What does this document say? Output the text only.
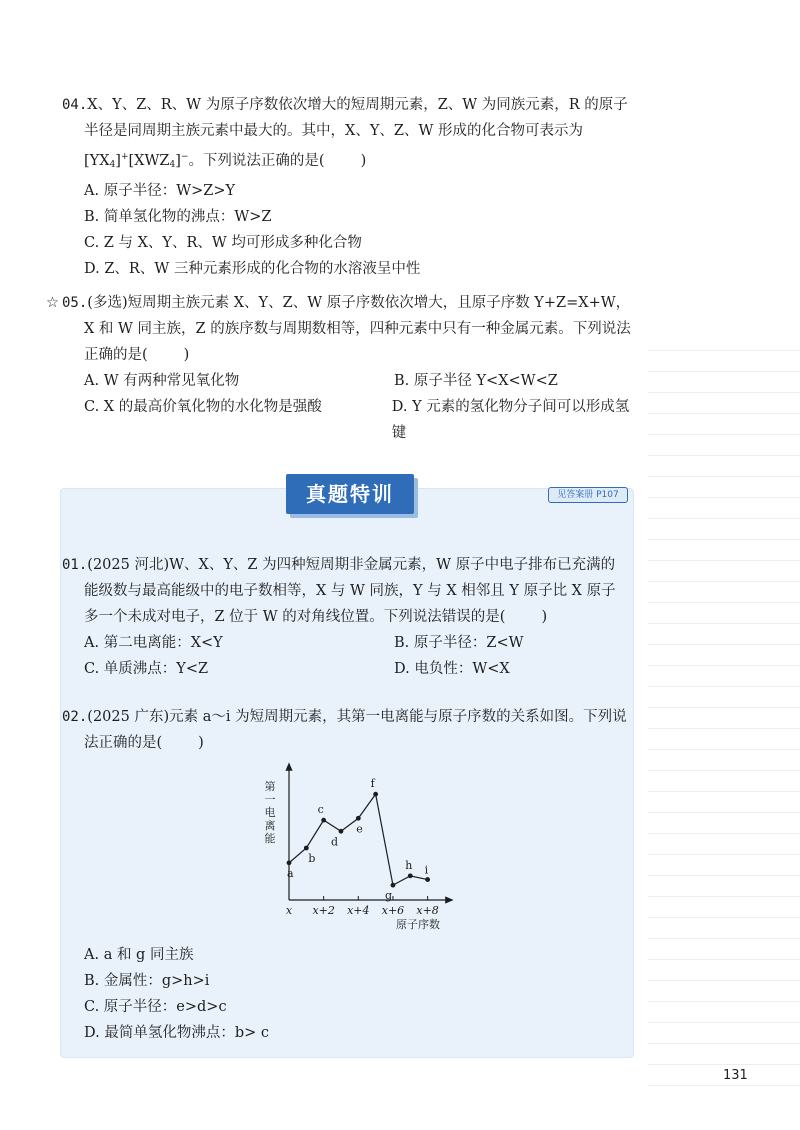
04.X、Y、Z、R、W 为原子序数依次增大的短周期元素，Z、W 为同族元素，R 的原子

半径是同周期主族元素中最大的。其中，X、Y、Z、W 形成的化合物可表示为

$[YX_4]^+[XWZ_4]^-$。下列说法正确的是( )

A. 原子半径：W>Z>Y

B. 简单氢化物的沸点：W>Z

C. Z 与 X、Y、R、W 均可形成多种化合物

D. Z、R、W 三种元素形成的化合物的水溶液呈中性

☆ 05.(多选)短周期主族元素 X、Y、Z、W 原子序数依次增大，且原子序数 Y+Z=X+W，

X 和 W 同主族，Z 的族序数与周期数相等，四种元素中只有一种金属元素。下列说法

正确的是( )

A. W 有两种常见氧化物	B. 原子半径 Y<X<W<Z
C. X 的最高价氧化物的水化物是强酸	D. Y 元素的氢化物分子间可以形成氢键
真题特训	见答案册 P107

01.(2025 河北)W、X、Y、Z 为四种短周期非金属元素，W 原子中电子排布已充满的

能级数与最高能级中的电子数相等，X 与 W 同族，Y 与 X 相邻且 Y 原子比 X 原子

多一个未成对电子，Z 位于 W 的对角线位置。下列说法错误的是( )

A. 第二电离能：X<Y	B. 原子半径：Z<W
C. 单质沸点：Y<Z	D. 电负性：W<X

02.(2025 广东)元素 a～i 为短周期元素，其第一电离能与原子序数的关系如图。下列说

法正确的是( )

第一电离能
原子序数
a
b
c
d
e
f
g
h i
x x+2 x+4 x+6 x+8

A. a 和 g 同主族

B. 金属性：g>h>i

C. 原子半径：e>d>c

D. 最简单氢化物沸点：b> c

131
